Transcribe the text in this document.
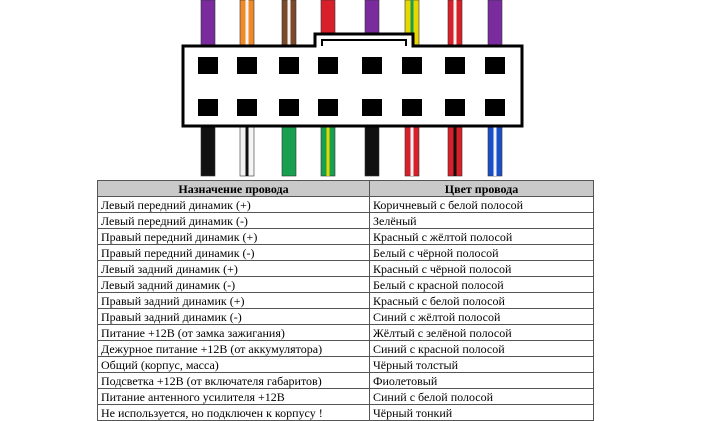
Назначение провода	Цвет провода
Левый передний динамик (+)	Коричневый с белой полосой
Левый передний динамик (-)	Зелёный
Правый передний динамик (+)	Красный с жёлтой полосой
Правый передний динамик (-)	Белый с чёрной полосой
Левый задний динамик (+)	Красный с чёрной полосой
Левый задний динамик (-)	Белый с красной полосой
Правый задний динамик (+)	Красный с белой полосой
Правый задний динамик (-)	Синий с жёлтой полосой
Питание +12В (от замка зажигания)	Жёлтый с зелёной полосой
Дежурное питание +12В (от аккумулятора)	Синий с красной полосой
Общий (корпус, масса)	Чёрный толстый
Подсветка +12В (от включателя габаритов)	Фиолетовый
Питание антенного усилителя +12В	Синий с белой полосой
Не используется, но подключен к корпусу !	Чёрный тонкий
